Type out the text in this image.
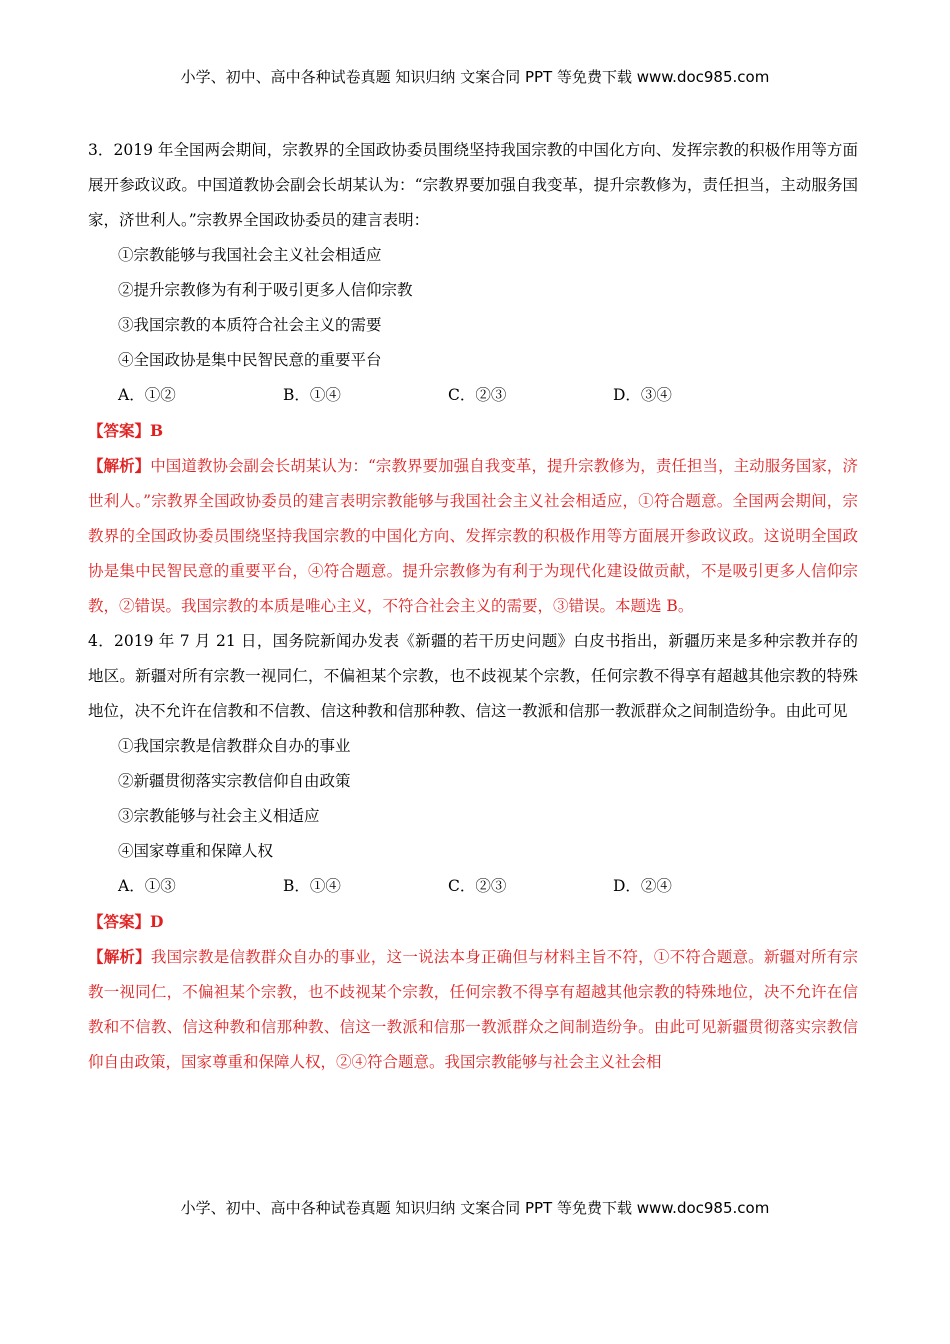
小学、初中、高中各种试卷真题 知识归纳 文案合同 PPT 等免费下载 www.doc985.com

3．2019 年全国两会期间，宗教界的全国政协委员围绕坚持我国宗教的中国化方向、发挥宗教的积极作用等方面展开参政议政。中国道教协会副会长胡某认为：“宗教界要加强自我变革，提升宗教修为，责任担当，主动服务国家，济世利人。”宗教界全国政协委员的建言表明：

①宗教能够与我国社会主义社会相适应

②提升宗教修为有利于吸引更多人信仰宗教

③我国宗教的本质符合社会主义的需要

④全国政协是集中民智民意的重要平台

A．①②	B．①④	C．②③	D．③④

【答案】B

【解析】中国道教协会副会长胡某认为：“宗教界要加强自我变革，提升宗教修为，责任担当，主动服务国家，济世利人。”宗教界全国政协委员的建言表明宗教能够与我国社会主义社会相适应，①符合题意。全国两会期间，宗教界的全国政协委员围绕坚持我国宗教的中国化方向、发挥宗教的积极作用等方面展开参政议政。这说明全国政协是集中民智民意的重要平台，④符合题意。提升宗教修为有利于为现代化建设做贡献，不是吸引更多人信仰宗教，②错误。我国宗教的本质是唯心主义，不符合社会主义的需要，③错误。本题选 B。

4．2019 年 7 月 21 日，国务院新闻办发表《新疆的若干历史问题》白皮书指出，新疆历来是多种宗教并存的地区。新疆对所有宗教一视同仁，不偏袒某个宗教，也不歧视某个宗教，任何宗教不得享有超越其他宗教的特殊地位，决不允许在信教和不信教、信这种教和信那种教、信这一教派和信那一教派群众之间制造纷争。由此可见

①我国宗教是信教群众自办的事业

②新疆贯彻落实宗教信仰自由政策

③宗教能够与社会主义相适应

④国家尊重和保障人权

A．①③	B．①④	C．②③	D．②④

【答案】D

【解析】我国宗教是信教群众自办的事业，这一说法本身正确但与材料主旨不符，①不符合题意。新疆对所有宗教一视同仁，不偏袒某个宗教，也不歧视某个宗教，任何宗教不得享有超越其他宗教的特殊地位，决不允许在信教和不信教、信这种教和信那种教、信这一教派和信那一教派群众之间制造纷争。由此可见新疆贯彻落实宗教信仰自由政策，国家尊重和保障人权，②④符合题意。我国宗教能够与社会主义社会相

小学、初中、高中各种试卷真题 知识归纳 文案合同 PPT 等免费下载 www.doc985.com
